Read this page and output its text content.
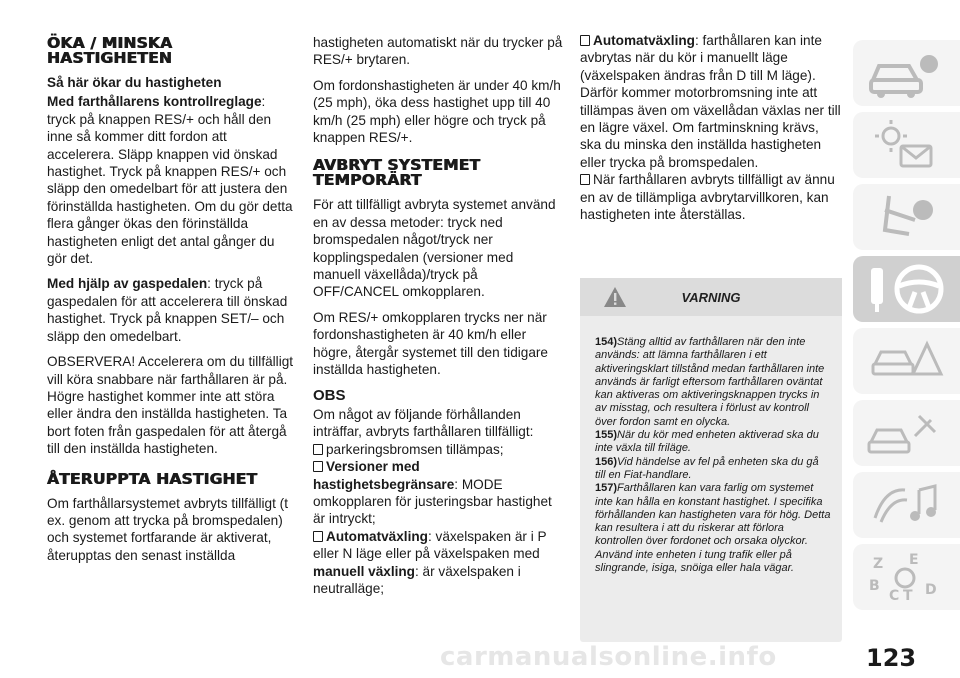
ÖKA / MINSKA HASTIGHETEN
Så här ökar du hastigheten

Med farthållarens kontrollreglage: tryck på knappen RES/+ och håll den inne så kommer ditt fordon att accelerera. Släpp knappen vid önskad hastighet. Tryck på knappen RES/+ och släpp den omedelbart för att justera den förinställda hastigheten. Om du gör detta flera gånger ökas den förinställda hastigheten enligt det antal gånger du gör det.

Med hjälp av gaspedalen: tryck på gaspedalen för att accelerera till önskad hastighet. Tryck på knappen SET/– och släpp den omedelbart.

OBSERVERA! Accelerera om du tillfälligt vill köra snabbare när farthållaren är på. Högre hastighet kommer inte att störa eller ändra den inställda hastigheten. Ta bort foten från gaspedalen för att återgå till den inställda hastigheten.

ÅTERUPPTA HASTIGHET

Om farthållarsystemet avbryts tillfälligt (t ex. genom att trycka på bromspedalen) och systemet fortfarande är aktiverat, återupptas den senast inställda

hastigheten automatiskt när du trycker på RES/+ brytaren.

Om fordonshastigheten är under 40 km/h (25 mph), öka dess hastighet upp till 40 km/h (25 mph) eller högre och tryck på knappen RES/+.

AVBRYT SYSTEMET TEMPORÄRT

För att tillfälligt avbryta systemet använd en av dessa metoder: tryck ned bromspedalen något/tryck ner kopplingspedalen (versioner med manuell växellåda)/tryck på OFF/CANCEL omkopplaren.

Om RES/+ omkopplaren trycks ner när fordonshastigheten är 40 km/h eller högre, återgår systemet till den tidigare inställda hastigheten.

OBS

Om något av följande förhållanden inträffar, avbryts farthållaren tillfälligt:

parkeringsbromsen tillämpas;
Versioner med hastighetsbegränsare: MODE omkopplaren för justeringsbar hastighet är intryckt;
Automatväxling: växelspaken är i P eller N läge eller på växelspaken med manuell växling: är växelspaken i neutralläge;
Automatväxling: farthållaren kan inte avbrytas när du kör i manuellt läge (växelspaken ändras från D till M läge). Därför kommer motorbromsning inte att tillämpas även om växellådan växlas ner till en lägre växel. Om fartminskning krävs, ska du minska den inställda hastigheten eller trycka på bromspedalen.
När farthållaren avbryts tillfälligt av ännu en av de tillämpliga avbrytarvillkoren, kan hastigheten inte återställas.
VARNING

154)Stäng alltid av farthållaren när den inte används: att lämna farthållaren i ett aktiveringsklart tillstånd medan farthållaren inte används är farligt eftersom farthållaren oväntat kan aktiveras om aktiveringsknappen trycks in av misstag, och resultera i förlust av kontroll över fordon samt en olycka.

155)När du kör med enheten aktiverad ska du inte växla till friläge.

156)Vid händelse av fel på enheten ska du gå till en Fiat-handlare.

157)Farthållaren kan vara farlig om systemet inte kan hålla en konstant hastighet. I specifika förhållanden kan hastigheten vara för hög. Detta kan resultera i att du riskerar att förlora kontrollen över fordonet och orsaka olyckor. Använd inte enheten i tung trafik eller på slingrande, isiga, snöiga eller hala vägar.	Z E
B
C T D
123
carmanualsonline.info
